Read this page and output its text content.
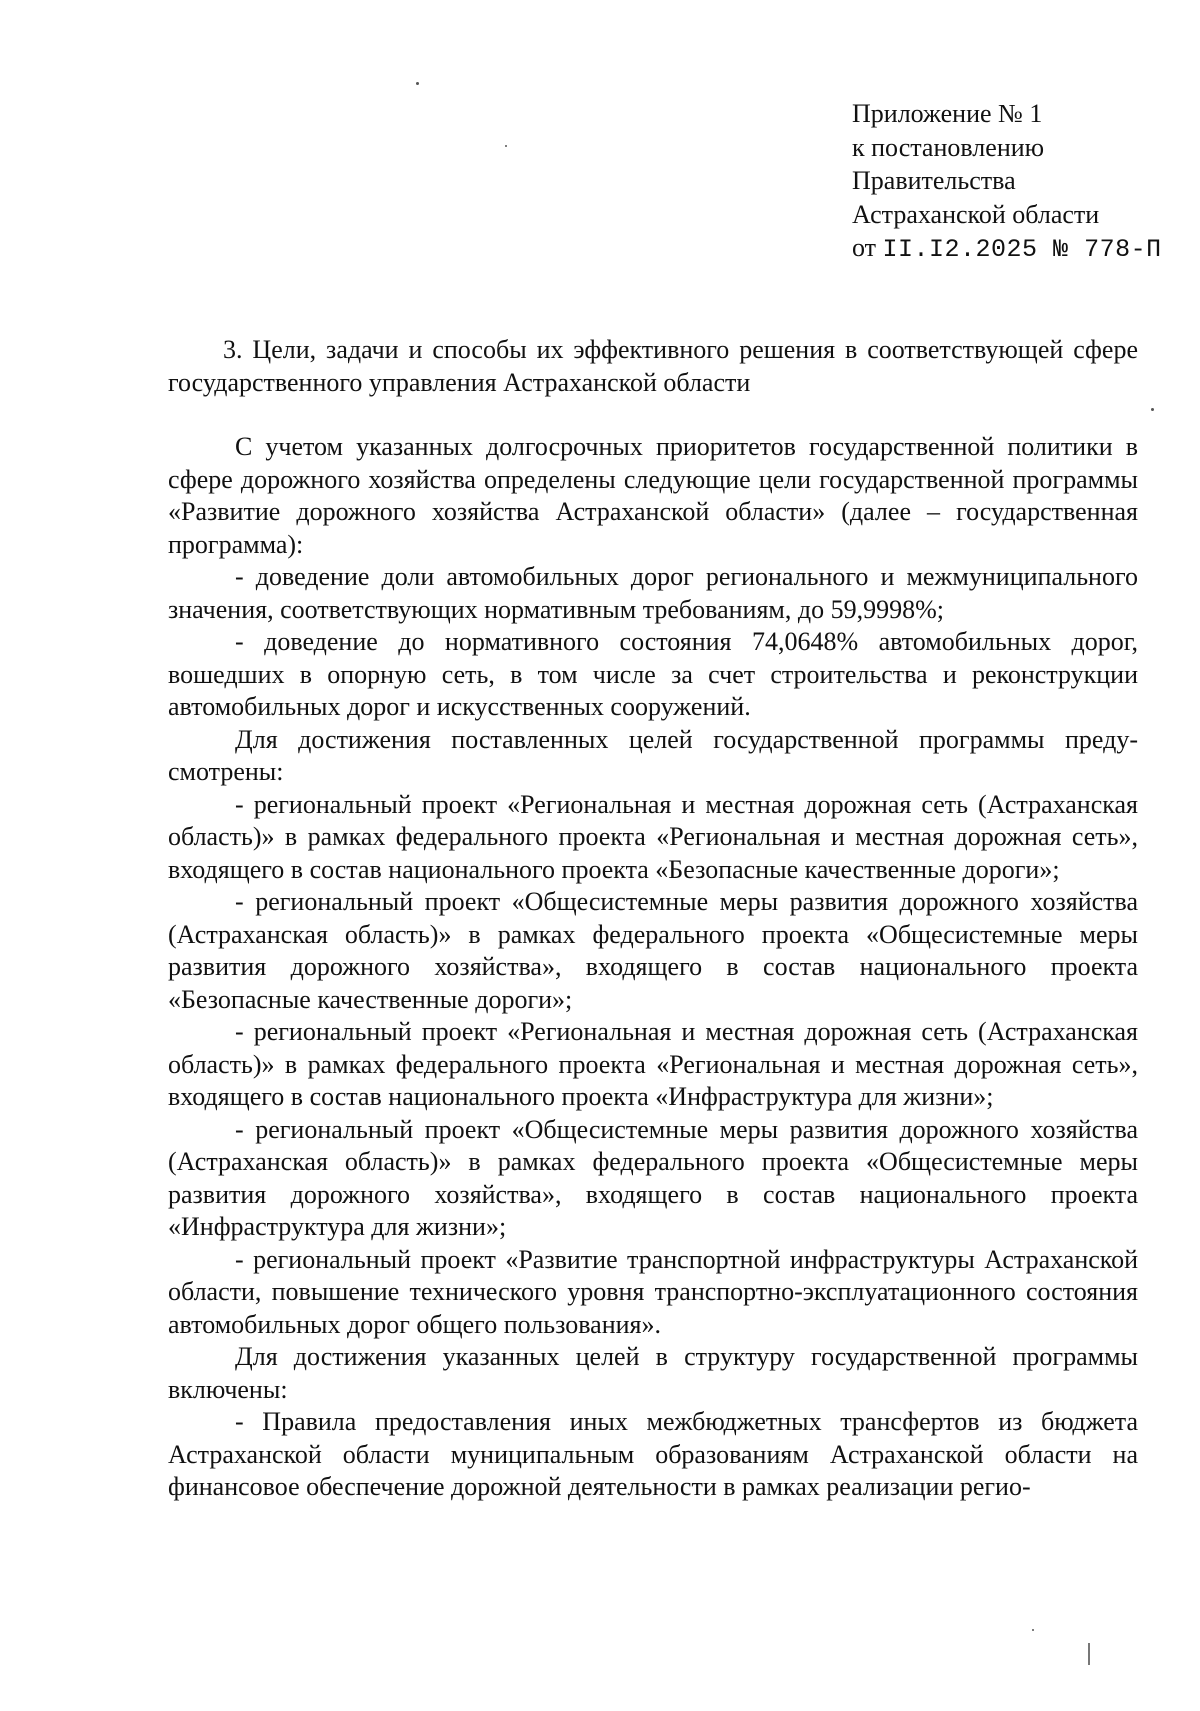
Приложение № 1
к постановлению
Правительства
Астраханской области
от II.I2.2025 № 778-П
3. Цели, задачи и способы их эффективного решения в соответствующей сфере государственного управления Астраханской области

С учетом указанных долгосрочных приоритетов государственной политики в сфере дорожного хозяйства определены следующие цели государственной программы «Развитие дорожного хозяйства Астраханской области» (далее – государственная программа):

- доведение доли автомобильных дорог регионального и межмуниципального значения, соответствующих нормативным требованиям, до 59,9998%;

- доведение до нормативного состояния 74,0648% автомобильных дорог, вошедших в опорную сеть, в том числе за счет строительства и реконструкции автомобильных дорог и искусственных сооружений.

Для достижения поставленных целей государственной программы предусмотрены:

- региональный проект «Региональная и местная дорожная сеть (Астраханская область)» в рамках федерального проекта «Региональная и местная дорожная сеть», входящего в состав национального проекта «Безопасные качественные дороги»;

- региональный проект «Общесистемные меры развития дорожного хозяйства (Астраханская область)» в рамках федерального проекта «Общесистемные меры развития дорожного хозяйства», входящего в состав национального проекта «Безопасные качественные дороги»;

- региональный проект «Региональная и местная дорожная сеть (Астраханская область)» в рамках федерального проекта «Региональная и местная дорожная сеть», входящего в состав национального проекта «Инфраструктура для жизни»;

- региональный проект «Общесистемные меры развития дорожного хозяйства (Астраханская область)» в рамках федерального проекта «Общесистемные меры развития дорожного хозяйства», входящего в состав национального проекта «Инфраструктура для жизни»;

- региональный проект «Развитие транспортной инфраструктуры Астраханской области, повышение технического уровня транспортно-эксплуатационного состояния автомобильных дорог общего пользования».

Для достижения указанных целей в структуру государственной программы включены:

- Правила предоставления иных межбюджетных трансфертов из бюджета Астраханской области муниципальным образованиям Астраханской области на финансовое обеспечение дорожной деятельности в рамках реализации регио-
